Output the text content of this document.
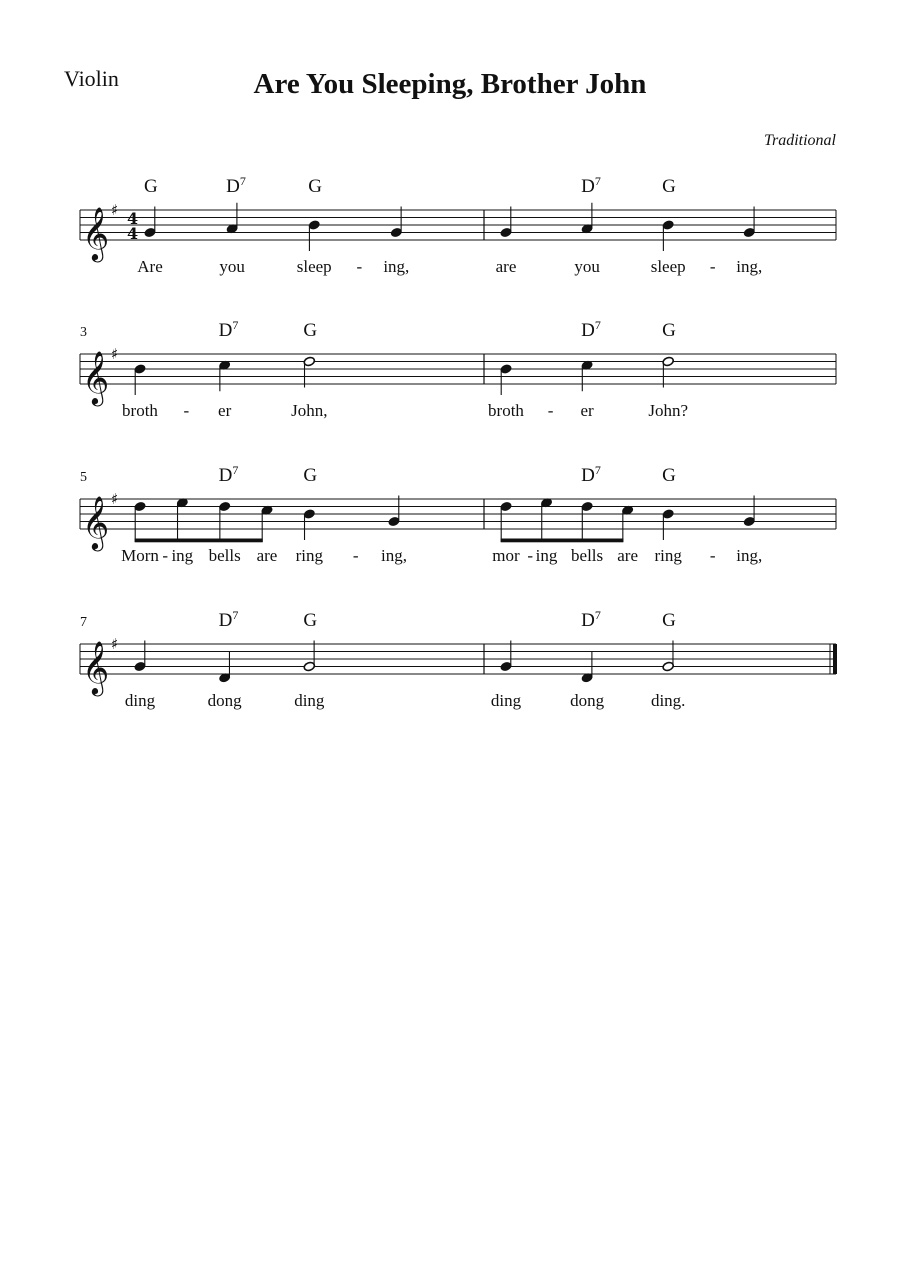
Violin	Are You Sleeping, Brother John
Traditional
𝄞 ♯ 4
4
G
Are
$D^7$
you
G
sleep	ing,
-	are
$D^7$
you
G
sleep	ing,
-
𝄞 ♯
3
broth
$D^7$
er
-
G
John,	broth
$D^7$
er
-
G
John?
𝄞 ♯
5
Morn ing
-
$D^7$
bells are
G
ring	ing,
-	mor ing
-
$D^7$
bells are
G
ring	ing,
-
𝄞 ♯
7
ding
$D^7$
dong
G
ding	ding
$D^7$
dong
G
ding.
